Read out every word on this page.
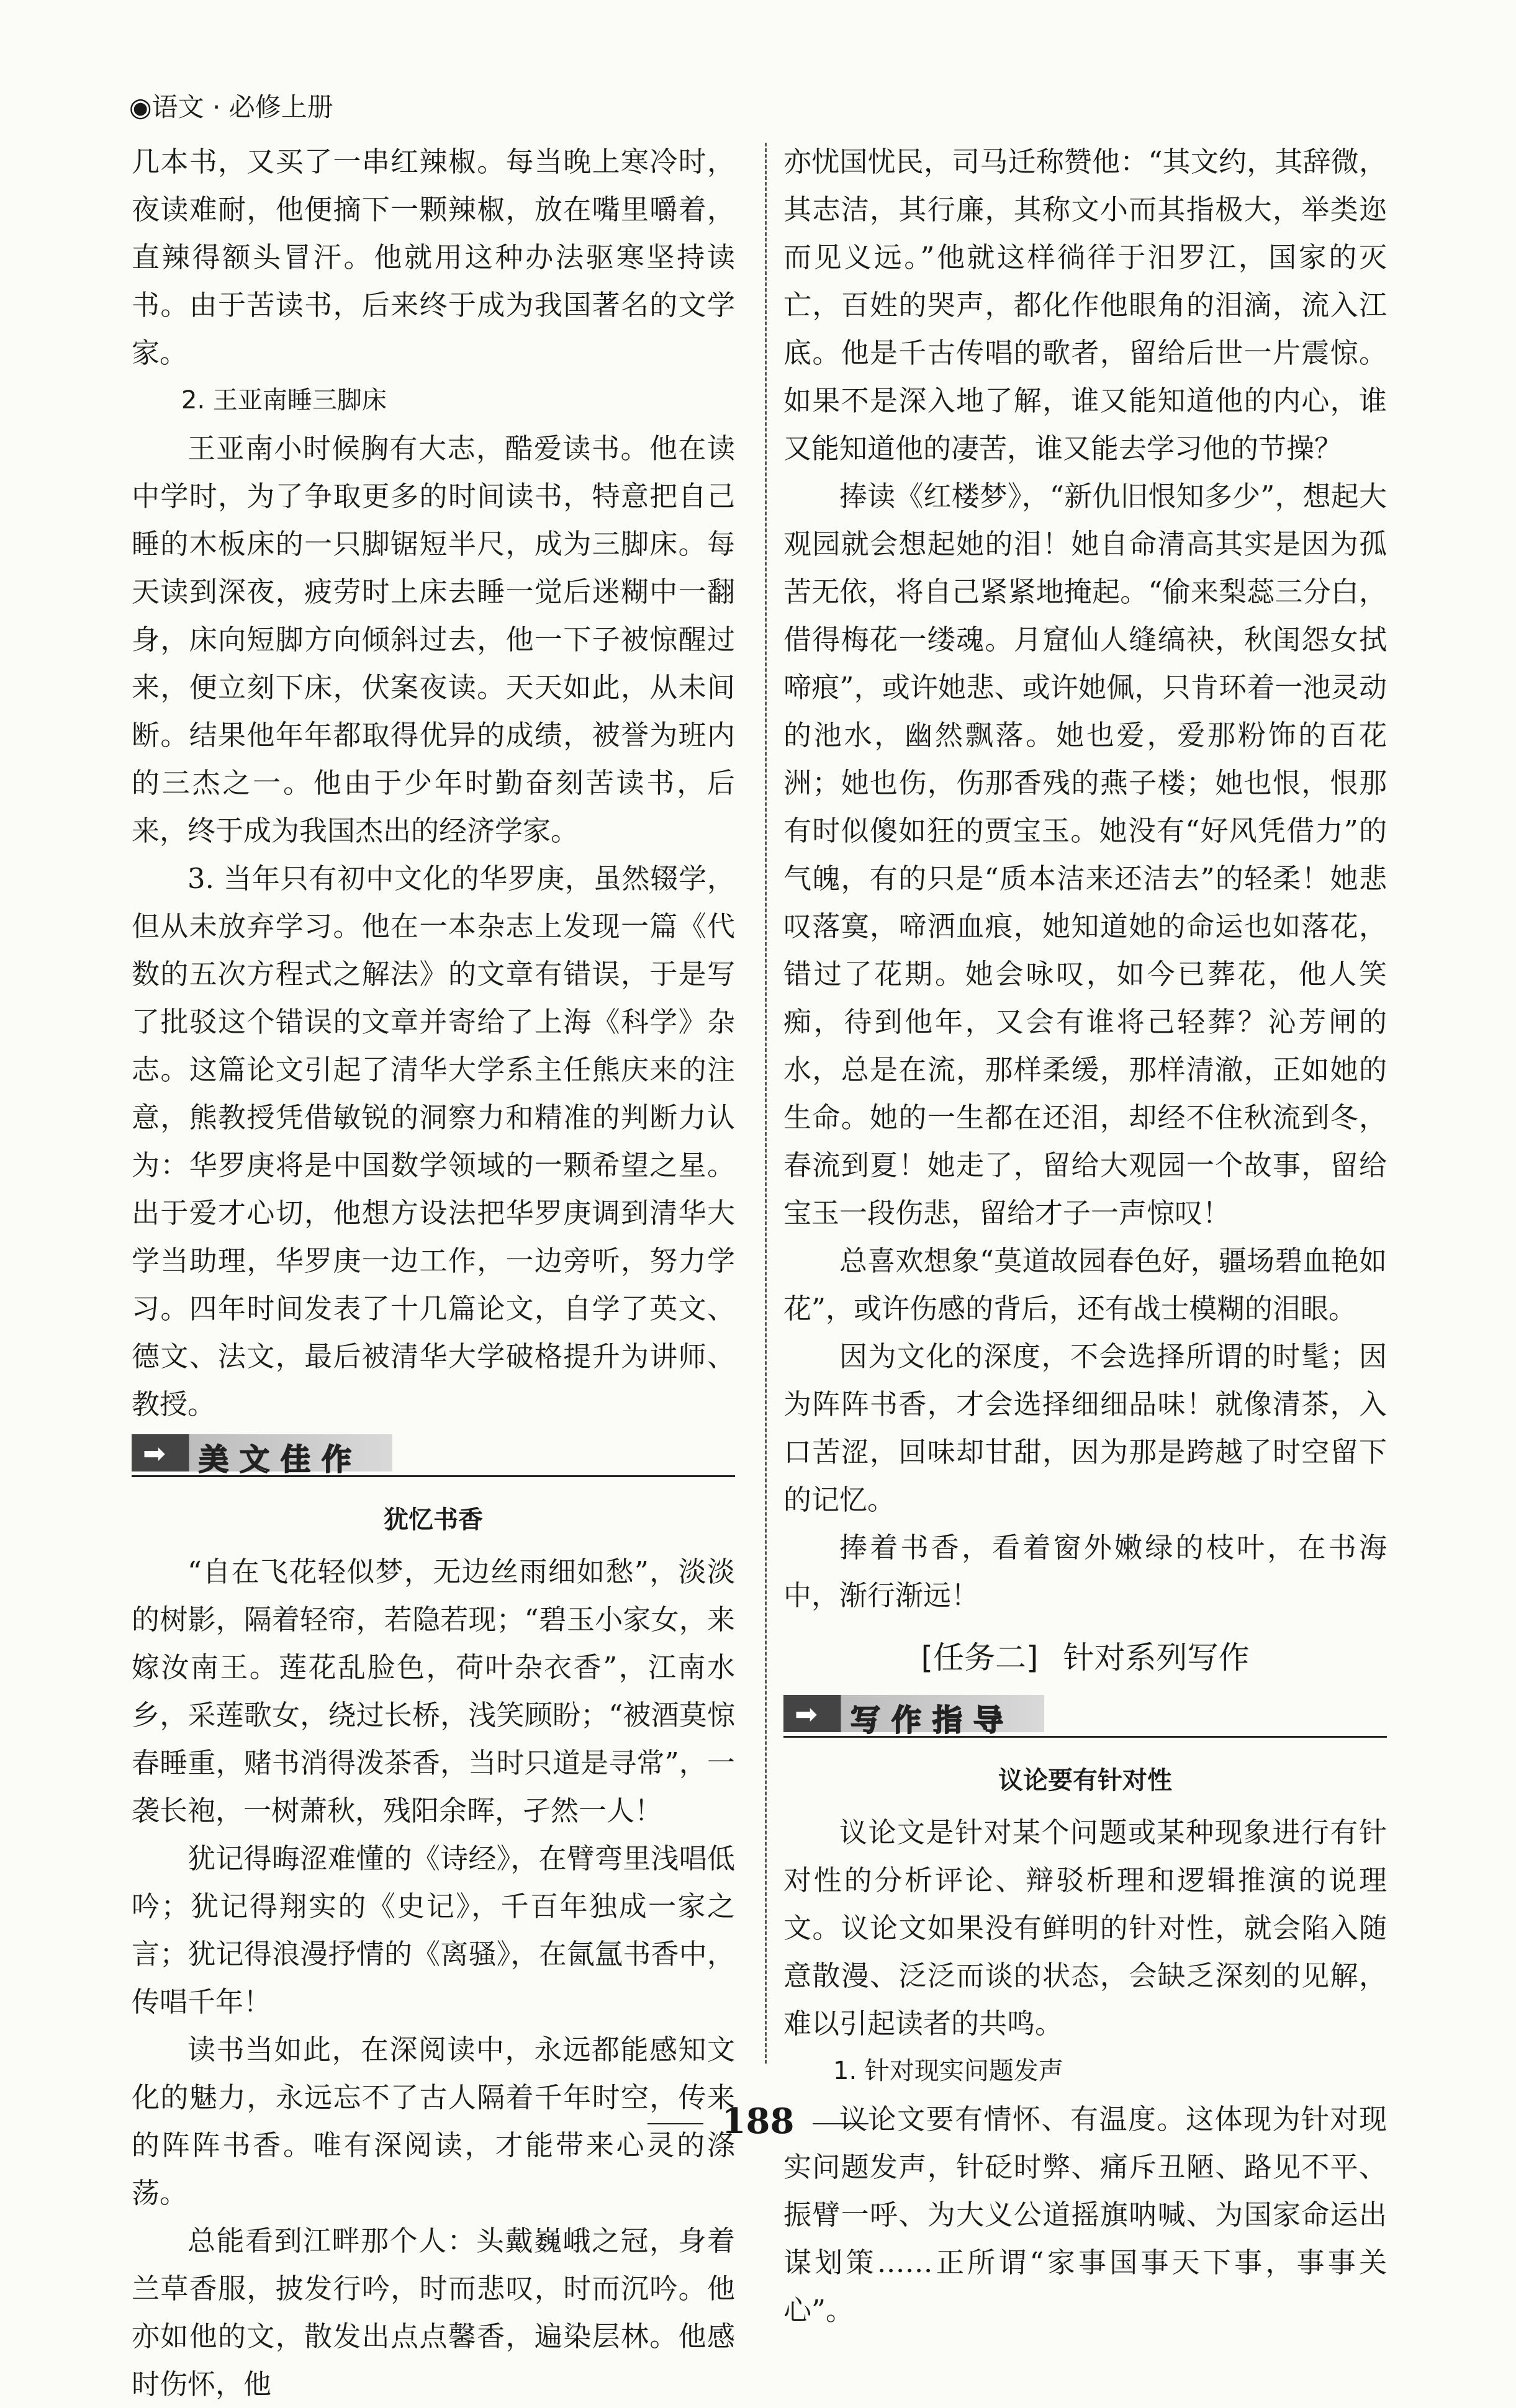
◉语文 · 必修上册

几本书，又买了一串红辣椒。每当晚上寒冷时，夜读难耐，他便摘下一颗辣椒，放在嘴里嚼着，直辣得额头冒汗。他就用这种办法驱寒坚持读书。由于苦读书，后来终于成为我国著名的文学家。

2. 王亚南睡三脚床

王亚南小时候胸有大志，酷爱读书。他在读中学时，为了争取更多的时间读书，特意把自己睡的木板床的一只脚锯短半尺，成为三脚床。每天读到深夜，疲劳时上床去睡一觉后迷糊中一翻身，床向短脚方向倾斜过去，他一下子被惊醒过来，便立刻下床，伏案夜读。天天如此，从未间断。结果他年年都取得优异的成绩，被誉为班内的三杰之一。他由于少年时勤奋刻苦读书，后来，终于成为我国杰出的经济学家。

3. 当年只有初中文化的华罗庚，虽然辍学，但从未放弃学习。他在一本杂志上发现一篇《代数的五次方程式之解法》的文章有错误，于是写了批驳这个错误的文章并寄给了上海《科学》杂志。这篇论文引起了清华大学系主任熊庆来的注意，熊教授凭借敏锐的洞察力和精准的判断力认为：华罗庚将是中国数学领域的一颗希望之星。出于爱才心切，他想方设法把华罗庚调到清华大学当助理，华罗庚一边工作，一边旁听，努力学习。四年时间发表了十几篇论文，自学了英文、德文、法文，最后被清华大学破格提升为讲师、教授。

➡ 美文佳作
犹忆书香

“自在飞花轻似梦，无边丝雨细如愁”，淡淡的树影，隔着轻帘，若隐若现；“碧玉小家女，来嫁汝南王。莲花乱脸色，荷叶杂衣香”，江南水乡，采莲歌女，绕过长桥，浅笑顾盼；“被酒莫惊春睡重，赌书消得泼茶香，当时只道是寻常”，一袭长袍，一树萧秋，残阳余晖，孑然一人！

犹记得晦涩难懂的《诗经》，在臂弯里浅唱低吟；犹记得翔实的《史记》，千百年独成一家之言；犹记得浪漫抒情的《离骚》，在氤氲书香中，传唱千年！

读书当如此，在深阅读中，永远都能感知文化的魅力，永远忘不了古人隔着千年时空，传来的阵阵书香。唯有深阅读，才能带来心灵的涤荡。

总能看到江畔那个人：头戴巍峨之冠，身着兰草香服，披发行吟，时而悲叹，时而沉吟。他亦如他的文，散发出点点馨香，遍染层林。他感时伤怀，他

亦忧国忧民，司马迁称赞他：“其文约，其辞微，其志洁，其行廉，其称文小而其指极大，举类迩而见义远。”他就这样徜徉于汨罗江，国家的灭亡，百姓的哭声，都化作他眼角的泪滴，流入江底。他是千古传唱的歌者，留给后世一片震惊。如果不是深入地了解，谁又能知道他的内心，谁又能知道他的凄苦，谁又能去学习他的节操？

捧读《红楼梦》，“新仇旧恨知多少”，想起大观园就会想起她的泪！她自命清高其实是因为孤苦无依，将自己紧紧地掩起。“偷来梨蕊三分白，借得梅花一缕魂。月窟仙人缝缟袂，秋闺怨女拭啼痕”，或许她悲、或许她佩，只肯环着一池灵动的池水，幽然飘落。她也爱，爱那粉饰的百花洲；她也伤，伤那香残的燕子楼；她也恨，恨那有时似傻如狂的贾宝玉。她没有“好风凭借力”的气魄，有的只是“质本洁来还洁去”的轻柔！她悲叹落寞，啼洒血痕，她知道她的命运也如落花，错过了花期。她会咏叹，如今已葬花，他人笑痴，待到他年，又会有谁将己轻葬？沁芳闸的水，总是在流，那样柔缓，那样清澈，正如她的生命。她的一生都在还泪，却经不住秋流到冬，春流到夏！她走了，留给大观园一个故事，留给宝玉一段伤悲，留给才子一声惊叹！

总喜欢想象“莫道故园春色好，疆场碧血艳如花”，或许伤感的背后，还有战士模糊的泪眼。

因为文化的深度，不会选择所谓的时髦；因为阵阵书香，才会选择细细品味！就像清茶，入口苦涩，回味却甘甜，因为那是跨越了时空留下的记忆。

捧着书香，看着窗外嫩绿的枝叶，在书海中，渐行渐远！

[任务二] 针对系列写作
➡ 写作指导
议论要有针对性

议论文是针对某个问题或某种现象进行有针对性的分析评论、辩驳析理和逻辑推演的说理文。议论文如果没有鲜明的针对性，就会陷入随意散漫、泛泛而谈的状态，会缺乏深刻的见解，难以引起读者的共鸣。

1. 针对现实问题发声

议论文要有情怀、有温度。这体现为针对现实问题发声，针砭时弊、痛斥丑陋、路见不平、振臂一呼、为大义公道摇旗呐喊、为国家命运出谋划策……正所谓“家事国事天下事，事事关心”。

188
